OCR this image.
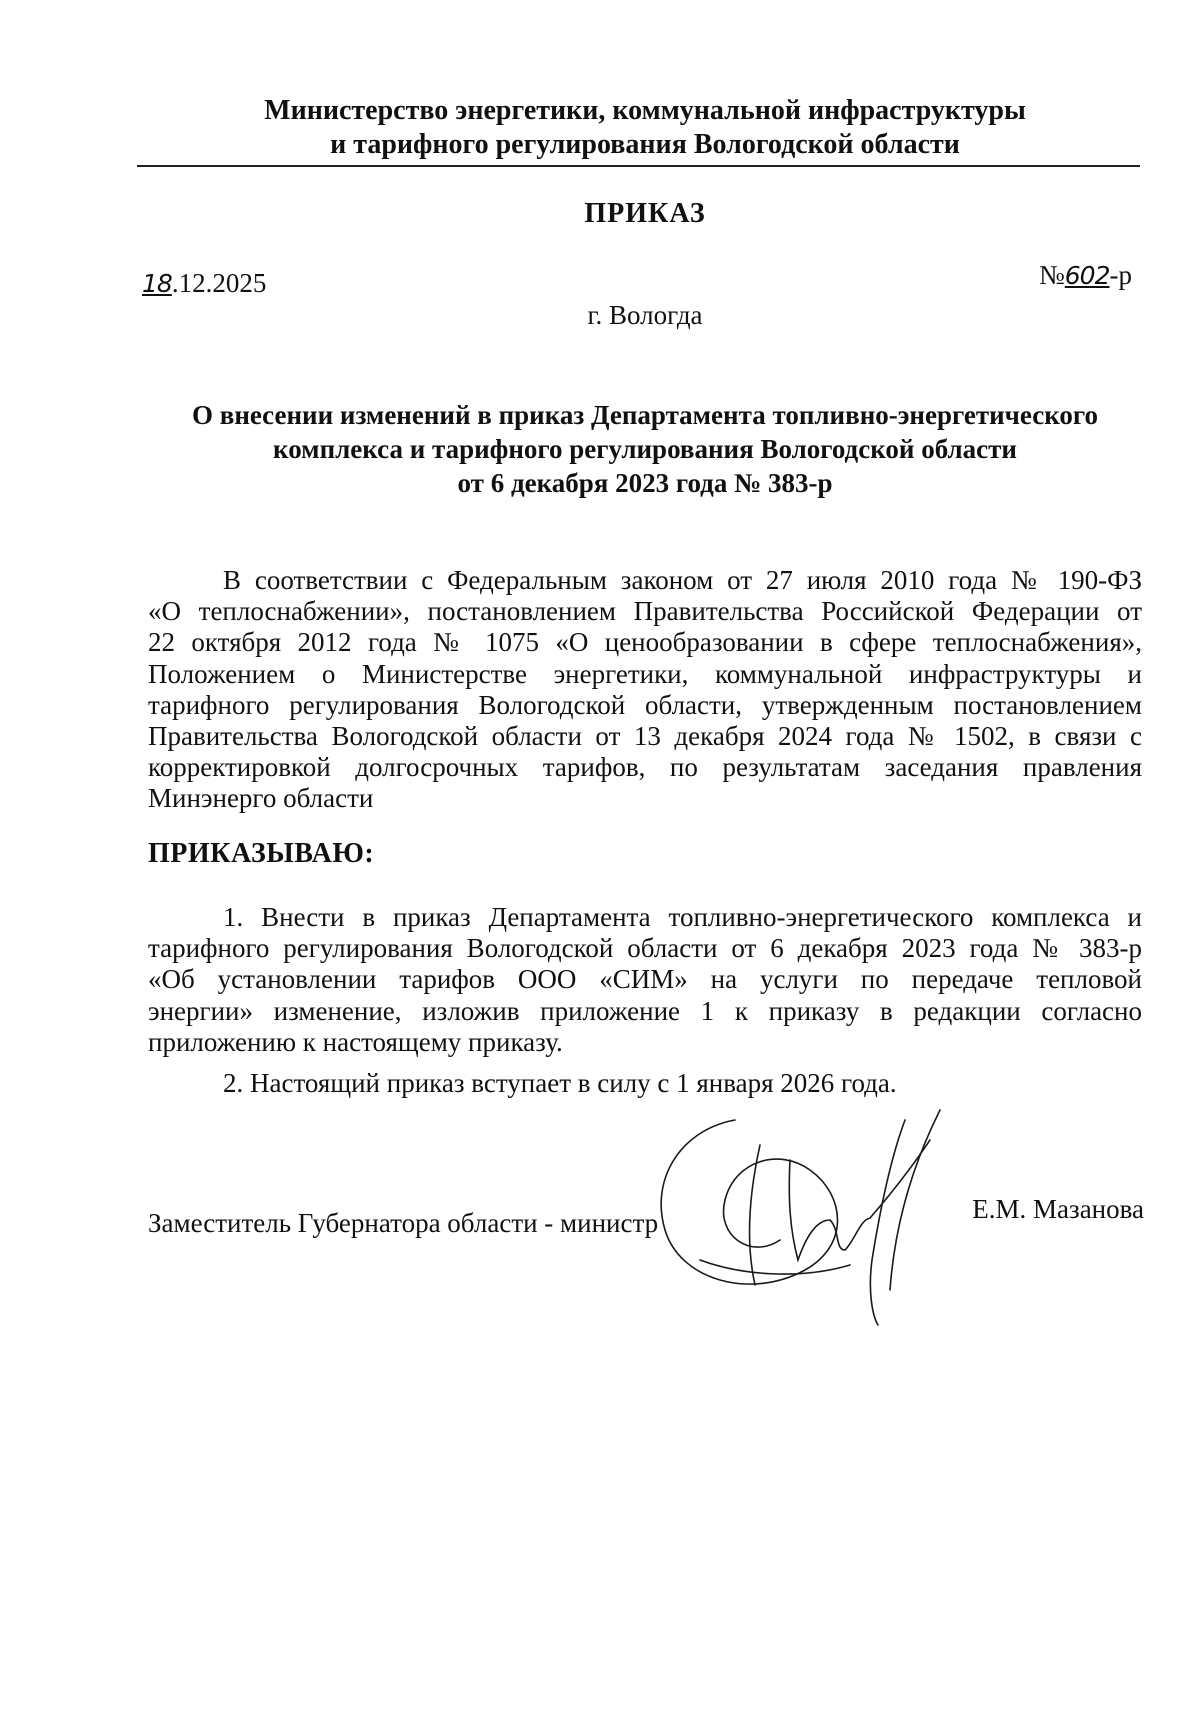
Министерство энергетики, коммунальной инфраструктуры
и тарифного регулирования Вологодской области
ПРИКАЗ
18.12.2025	№602-р
г. Вологда
О внесении изменений в приказ Департамента топливно-энергетического
комплекса и тарифного регулирования Вологодской области
от 6 декабря 2023 года № 383-р
В соответствии с Федеральным законом от 27 июля 2010 года № 190-ФЗ
«О теплоснабжении», постановлением Правительства Российской Федерации от
22 октября 2012 года № 1075 «О ценообразовании в сфере теплоснабжения»,
Положением о Министерстве энергетики, коммунальной инфраструктуры и
тарифного регулирования Вологодской области, утвержденным постановлением
Правительства Вологодской области от 13 декабря 2024 года № 1502, в связи с
корректировкой долгосрочных тарифов, по результатам заседания правления
Минэнерго области
ПРИКАЗЫВАЮ:
1. Внести в приказ Департамента топливно-энергетического комплекса и
тарифного регулирования Вологодской области от 6 декабря 2023 года № 383-р
«Об установлении тарифов ООО «СИМ» на услуги по передаче тепловой
энергии» изменение, изложив приложение 1 к приказу в редакции согласно
приложению к настоящему приказу.
2. Настоящий приказ вступает в силу с 1 января 2026 года.
Заместитель Губернатора области - министр	Е.М. Мазанова
